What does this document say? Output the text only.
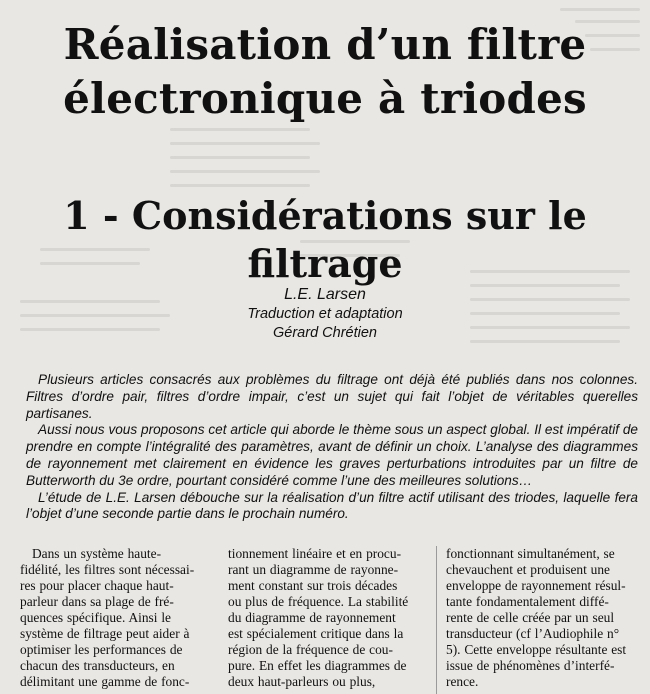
Réalisation d’un filtre
électronique à triodes
1 - Considérations sur le filtrage
L.E. Larsen
Traduction et adaptation
Gérard Chrétien

Plusieurs articles consacrés aux problèmes du filtrage ont déjà été publiés dans nos colonnes. Filtres d’ordre pair, filtres d’ordre impair, c’est un sujet qui fait l’objet de véritables querelles partisanes.

Aussi nous vous proposons cet article qui aborde le thème sous un aspect global. Il est impératif de prendre en compte l’intégralité des paramètres, avant de définir un choix. L’analyse des diagrammes de rayonnement met clairement en évidence les graves perturbations introduites par un filtre de Butterworth du 3e ordre, pourtant considéré comme l’une des meilleures solutions…

L’étude de L.E. Larsen débouche sur la réalisation d’un filtre actif utilisant des triodes, laquelle fera l’objet d’une seconde partie dans le prochain numéro.

Dans un système haute-
fidélité, les filtres sont nécessai-
res pour placer chaque haut-
parleur dans sa plage de fré-
quences spécifique. Ainsi le
système de filtrage peut aider à
optimiser les performances de
chacun des transducteurs, en
délimitant une gamme de fonc-
tionnement linéaire et en procu-
rant un diagramme de rayonne-
ment constant sur trois décades
ou plus de fréquence. La stabilité
du diagramme de rayonnement
est spécialement critique dans la
région de la fréquence de cou-
pure. En effet les diagrammes de
deux haut-parleurs ou plus,
fonctionnant simultanément, se
chevauchent et produisent une
enveloppe de rayonnement résul-
tante fondamentalement diffé-
rente de celle créée par un seul
transducteur (cf l’Audiophile n°
5). Cette enveloppe résultante est
issue de phénomènes d’interfé-
rence.
